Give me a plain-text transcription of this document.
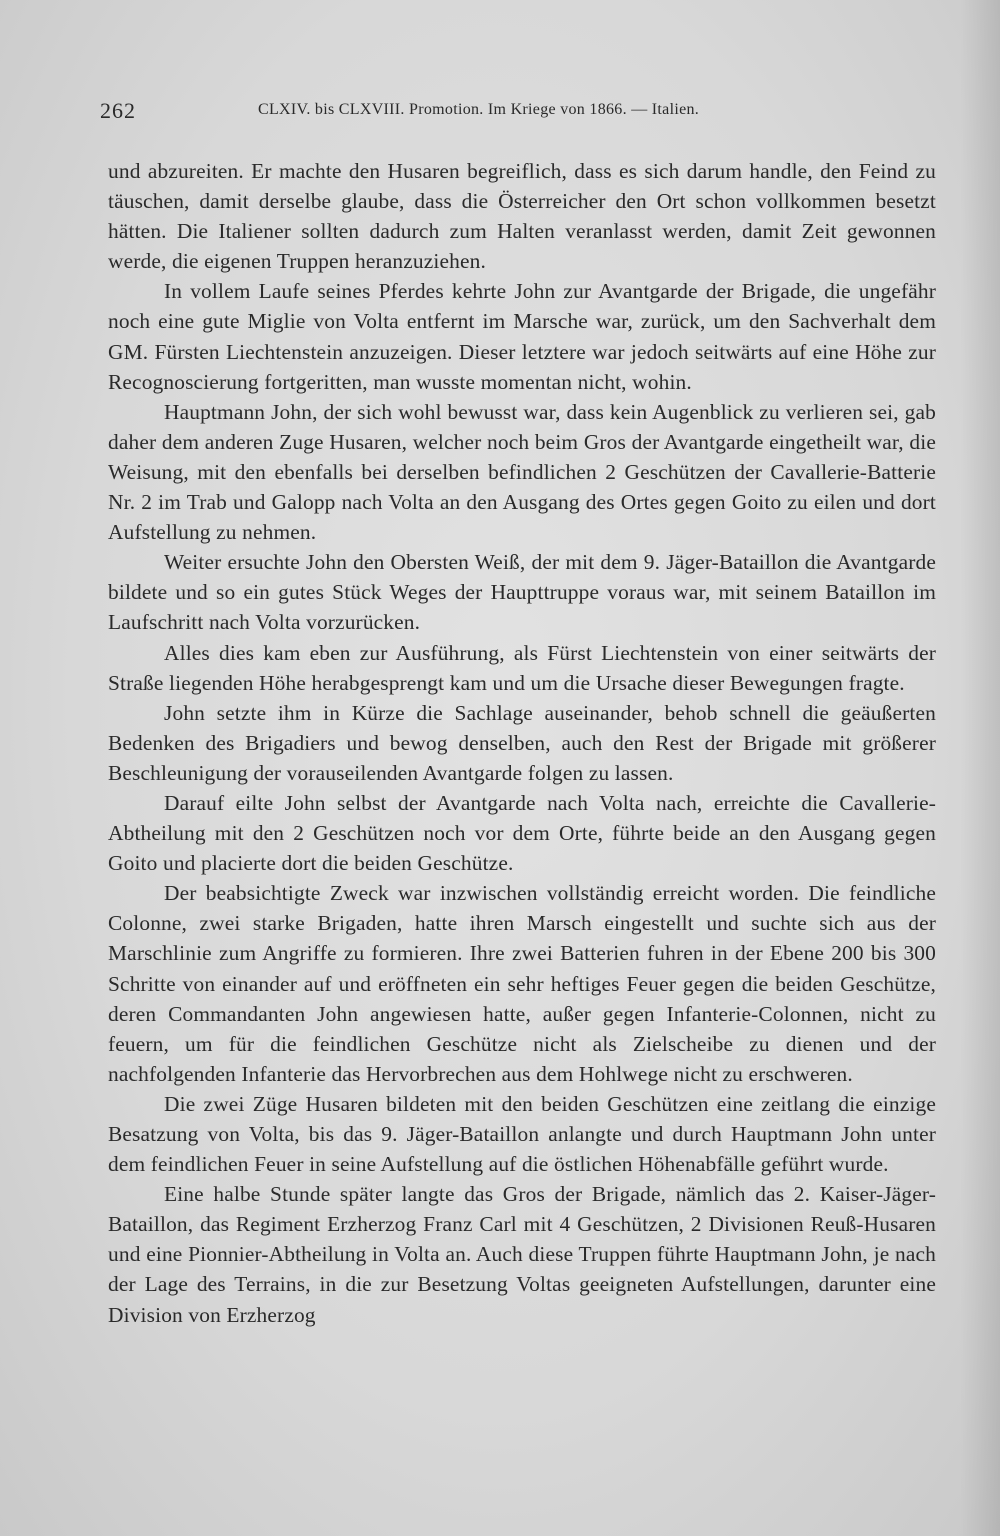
262	CLXIV. bis CLXVIII. Promotion. Im Kriege von 1866. — Italien.

und abzureiten. Er machte den Husaren begreiflich, dass es sich darum handle, den Feind zu täuschen, damit derselbe glaube, dass die Österreicher den Ort schon vollkommen besetzt hätten. Die Italiener sollten dadurch zum Halten veranlasst werden, damit Zeit gewonnen werde, die eigenen Truppen heranzuziehen.

In vollem Laufe seines Pferdes kehrte John zur Avantgarde der Brigade, die ungefähr noch eine gute Miglie von Volta entfernt im Marsche war, zurück, um den Sachverhalt dem GM. Fürsten Liechtenstein anzuzeigen. Dieser letztere war jedoch seitwärts auf eine Höhe zur Recognoscierung fortgeritten, man wusste momentan nicht, wohin.

Hauptmann John, der sich wohl bewusst war, dass kein Augenblick zu verlieren sei, gab daher dem anderen Zuge Husaren, welcher noch beim Gros der Avantgarde eingetheilt war, die Weisung, mit den ebenfalls bei derselben befindlichen 2 Geschützen der Cavallerie-Batterie Nr. 2 im Trab und Galopp nach Volta an den Ausgang des Ortes gegen Goito zu eilen und dort Aufstellung zu nehmen.

Weiter ersuchte John den Obersten Weiß, der mit dem 9. Jäger-Bataillon die Avantgarde bildete und so ein gutes Stück Weges der Haupttruppe voraus war, mit seinem Bataillon im Laufschritt nach Volta vorzurücken.

Alles dies kam eben zur Ausführung, als Fürst Liechtenstein von einer seitwärts der Straße liegenden Höhe herabgesprengt kam und um die Ursache dieser Bewegungen fragte.

John setzte ihm in Kürze die Sachlage auseinander, behob schnell die geäußerten Bedenken des Brigadiers und bewog denselben, auch den Rest der Brigade mit größerer Beschleunigung der vorauseilenden Avantgarde folgen zu lassen.

Darauf eilte John selbst der Avantgarde nach Volta nach, erreichte die Cavallerie-Abtheilung mit den 2 Geschützen noch vor dem Orte, führte beide an den Ausgang gegen Goito und placierte dort die beiden Geschütze.

Der beabsichtigte Zweck war inzwischen vollständig erreicht worden. Die feindliche Colonne, zwei starke Brigaden, hatte ihren Marsch eingestellt und suchte sich aus der Marschlinie zum Angriffe zu formieren. Ihre zwei Batterien fuhren in der Ebene 200 bis 300 Schritte von einander auf und eröffneten ein sehr heftiges Feuer gegen die beiden Geschütze, deren Commandanten John angewiesen hatte, außer gegen Infanterie-Colonnen, nicht zu feuern, um für die feindlichen Geschütze nicht als Zielscheibe zu dienen und der nachfolgenden Infanterie das Hervorbrechen aus dem Hohlwege nicht zu erschweren.

Die zwei Züge Husaren bildeten mit den beiden Geschützen eine zeitlang die einzige Besatzung von Volta, bis das 9. Jäger-Bataillon anlangte und durch Hauptmann John unter dem feindlichen Feuer in seine Aufstellung auf die östlichen Höhenabfälle geführt wurde.

Eine halbe Stunde später langte das Gros der Brigade, nämlich das 2. Kaiser-Jäger-Bataillon, das Regiment Erzherzog Franz Carl mit 4 Geschützen, 2 Divisionen Reuß-Husaren und eine Pionnier-Abtheilung in Volta an. Auch diese Truppen führte Hauptmann John, je nach der Lage des Terrains, in die zur Besetzung Voltas geeigneten Aufstellungen, darunter eine Division von Erzherzog
